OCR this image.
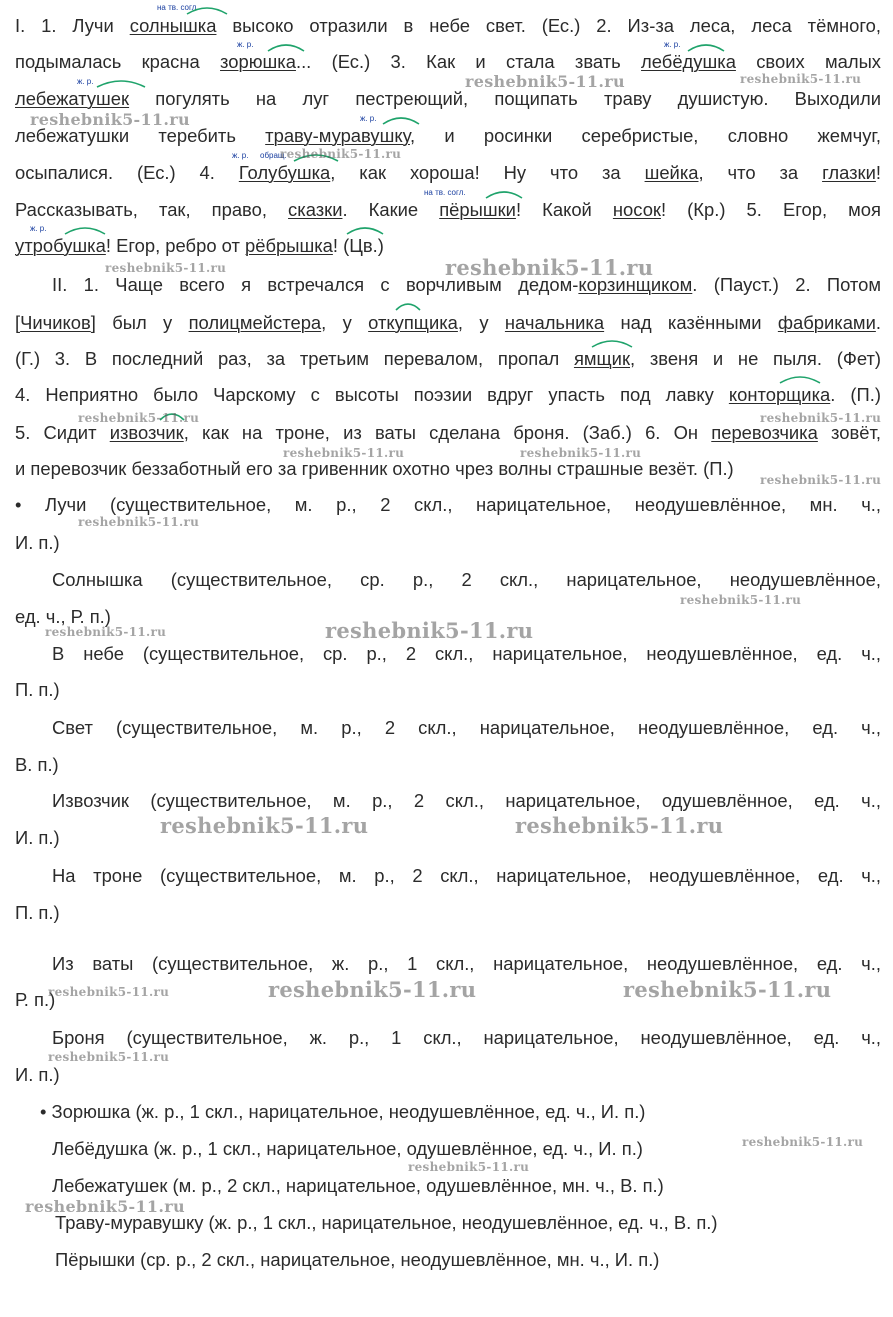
I. 1. Лучи солнышка высоко отразили в небе свет. (Ес.) 2. Из-за леса, леса тёмного,
подымалась красна зорюшка... (Ес.) 3. Как и стала звать лебёдушка своих малых
лебежатушек погулять на луг пестреющий, пощипать траву душистую. Выходили
лебежатушки теребить траву-муравушку, и росинки серебристые, словно жемчуг,
осыпалися. (Ес.) 4. Голубушка, как хороша! Ну что за шейка, что за глазки!
Рассказывать, так, право, сказки. Какие пёрышки! Какой носок! (Кр.) 5. Егор, моя
утробушка! Егор, ребро от рёбрышка! (Цв.)
II. 1. Чаще всего я встречался с ворчливым дедом-корзинщиком. (Пауст.) 2. Потом
[Чичиков] был у полицмейстера, у откупщика, у начальника над казёнными фабриками.
(Г.) 3. В последний раз, за третьим перевалом, пропал ямщик, звеня и не пыля. (Фет)
4. Неприятно было Чарскому с высоты поэзии вдруг упасть под лавку конторщика. (П.)
5. Сидит извозчик, как на троне, из ваты сделана броня. (Заб.) 6. Он перевозчика зовёт,
и перевозчик беззаботный его за гривенник охотно чрез волны страшные везёт. (П.)
• Лучи (существительное, м. р., 2 скл., нарицательное, неодушевлённое, мн. ч.,
И. п.)
Солнышка (существительное, ср. р., 2 скл., нарицательное, неодушевлённое,
ед. ч., Р. п.)
В небе (существительное, ср. р., 2 скл., нарицательное, неодушевлённое, ед. ч.,
П. п.)
Свет (существительное, м. р., 2 скл., нарицательное, неодушевлённое, ед. ч.,
В. п.)
Извозчик (существительное, м. р., 2 скл., нарицательное, одушевлённое, ед. ч.,
И. п.)
На троне (существительное, м. р., 2 скл., нарицательное, неодушевлённое, ед. ч.,
П. п.)
Из ваты (существительное, ж. р., 1 скл., нарицательное, неодушевлённое, ед. ч.,
Р. п.)
Броня (существительное, ж. р., 1 скл., нарицательное, неодушевлённое, ед. ч.,
И. п.)
• Зорюшка (ж. р., 1 скл., нарицательное, неодушевлённое, ед. ч., И. п.)
Лебёдушка (ж. р., 1 скл., нарицательное, одушевлённое, ед. ч., И. п.)
Лебежатушек (м. р., 2 скл., нарицательное, одушевлённое, мн. ч., В. п.)
Траву-муравушку (ж. р., 1 скл., нарицательное, неодушевлённое, ед. ч., В. п.)
Пёрышки (ср. р., 2 скл., нарицательное, неодушевлённое, мн. ч., И. п.)
на тв. согл.
ж. р.	ж. р.
ж. р.
ж. р.
ж. р. обращ.
на тв. согл.
ж. р.
reshebnik5-11.ru	reshebnik5-11.ru
reshebnik5-11.ru
reshebnik5-11.ru
reshebnik5-11.ru	reshebnik5-11.ru
reshebnik5-11.ru	reshebnik5-11.ru
reshebnik5-11.ru	reshebnik5-11.ru
reshebnik5-11.ru
reshebnik5-11.ru
reshebnik5-11.ru
reshebnik5-11.ru	reshebnik5-11.ru
reshebnik5-11.ru	reshebnik5-11.ru
reshebnik5-11.ru	reshebnik5-11.ru	reshebnik5-11.ru
reshebnik5-11.ru
reshebnik5-11.ru
reshebnik5-11.ru
reshebnik5-11.ru
